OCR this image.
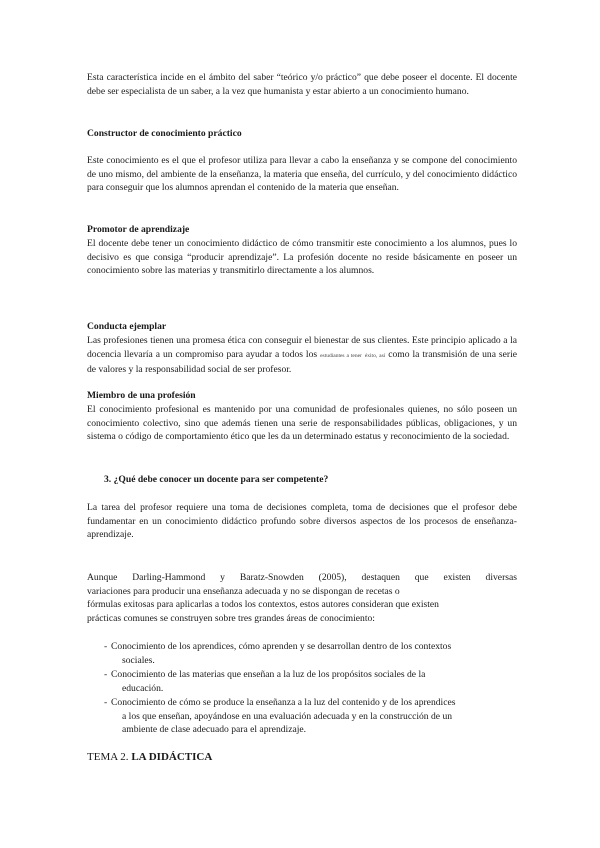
Esta característica incide en el ámbito del saber “teórico y/o práctico” que debe poseer el docente. El docente debe ser especialista de un saber, a la vez que humanista y estar abierto a un conocimiento humano.
Constructor de conocimiento práctico
Este conocimiento es el que el profesor utiliza para llevar a cabo la enseñanza y se compone del conocimiento de uno mismo, del ambiente de la enseñanza, la materia que enseña, del currículo, y del conocimiento didáctico para conseguir que los alumnos aprendan el contenido de la materia que enseñan.
Promotor de aprendizaje
El docente debe tener un conocimiento didáctico de cómo transmitir este conocimiento a los alumnos, pues lo decisivo es que consiga “producir aprendizaje”. La profesión docente no reside básicamente en poseer un conocimiento sobre las materias y transmitirlo directamente a los alumnos.
Conducta ejemplar
Las profesiones tienen una promesa ética con conseguir el bienestar de sus clientes. Este principio aplicado a la docencia llevaría a un compromiso para ayudar a todos los estudiantes a tener éxito, así como la transmisión de una serie de valores y la responsabilidad social de ser profesor.
Miembro de una profesión
El conocimiento profesional es mantenido por una comunidad de profesionales quienes, no sólo poseen un conocimiento colectivo, sino que además tienen una serie de responsabilidades públicas, obligaciones, y un sistema o código de comportamiento ético que les da un determinado estatus y reconocimiento de la sociedad.
3. ¿Qué debe conocer un docente para ser competente?
La tarea del profesor requiere una toma de decisiones completa, toma de decisiones que el profesor debe fundamentar en un conocimiento didáctico profundo sobre diversos aspectos de los procesos de enseñanza-aprendizaje.
Aunque Darling-Hammond y Baratz-Snowden (2005), destaquen que existen diversas
variaciones para producir una enseñanza adecuada y no se dispongan de recetas o
fórmulas exitosas para aplicarlas a todos los contextos, estos autores consideran que existen
prácticas comunes se construyen sobre tres grandes áreas de conocimiento:
- Conocimiento de los aprendices, cómo aprenden y se desarrollan dentro de los contextos
sociales.
- Conocimiento de las materias que enseñan a la luz de los propósitos sociales de la
educación.
- Conocimiento de cómo se produce la enseñanza a la luz del contenido y de los aprendices
a los que enseñan, apoyándose en una evaluación adecuada y en la construcción de un
ambiente de clase adecuado para el aprendizaje.
TEMA 2. LA DIDÁCTICA
